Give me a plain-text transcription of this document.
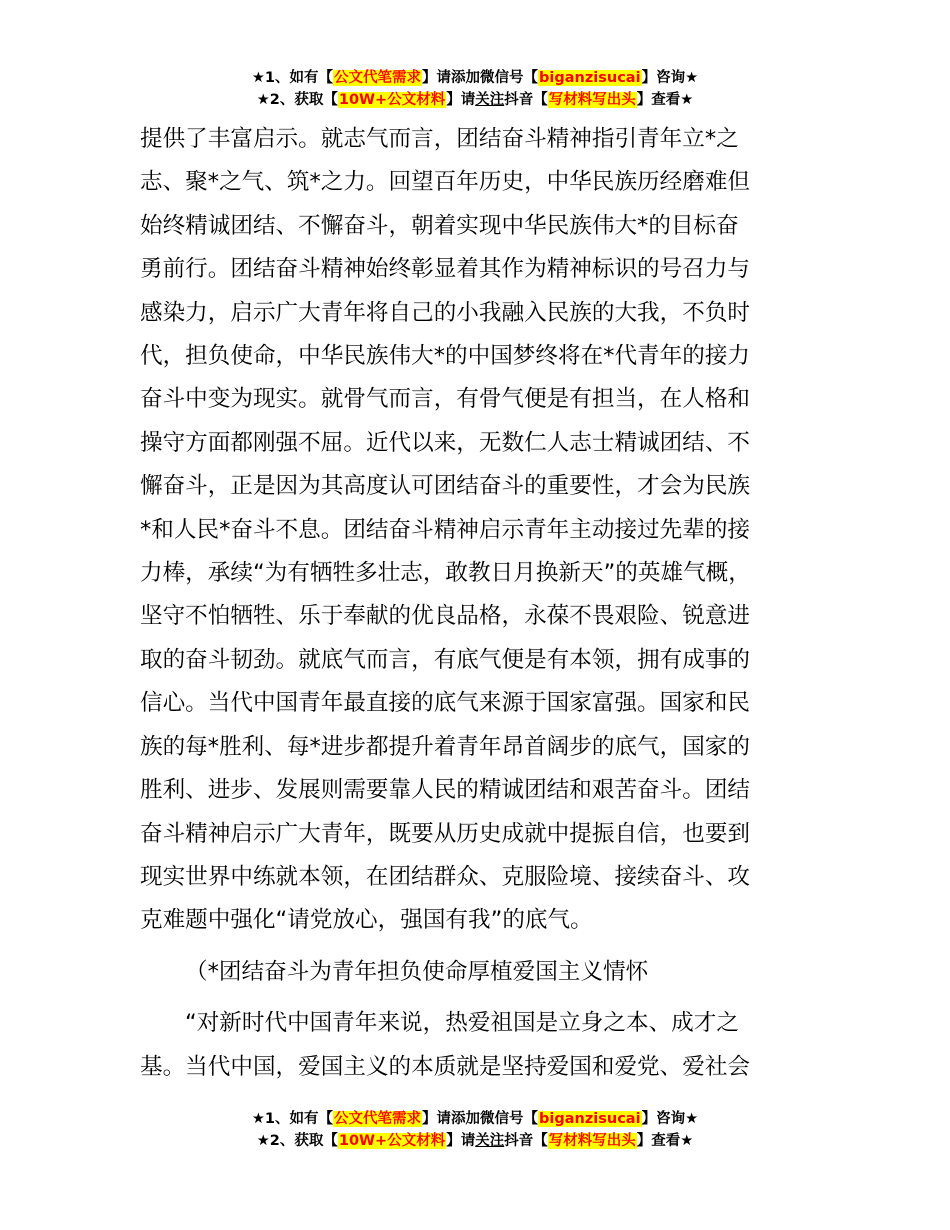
★1、如有【公文代笔需求】请添加微信号【biganzisucai】咨询★
★2、获取【10W+公文材料】请关注抖音【写材料写出头】查看★

提供了丰富启示。就志气而言，团结奋斗精神指引青年立*之

志、聚*之气、筑*之力。回望百年历史，中华民族历经磨难但

始终精诚团结、不懈奋斗，朝着实现中华民族伟大*的目标奋

勇前行。团结奋斗精神始终彰显着其作为精神标识的号召力与

感染力，启示广大青年将自己的小我融入民族的大我，不负时

代，担负使命，中华民族伟大*的中国梦终将在*代青年的接力

奋斗中变为现实。就骨气而言，有骨气便是有担当，在人格和

操守方面都刚强不屈。近代以来，无数仁人志士精诚团结、不

懈奋斗，正是因为其高度认可团结奋斗的重要性，才会为民族

*和人民*奋斗不息。团结奋斗精神启示青年主动接过先辈的接

力棒，承续“为有牺牲多壮志，敢教日月换新天”的英雄气概，

坚守不怕牺牲、乐于奉献的优良品格，永葆不畏艰险、锐意进

取的奋斗韧劲。就底气而言，有底气便是有本领，拥有成事的

信心。当代中国青年最直接的底气来源于国家富强。国家和民

族的每*胜利、每*进步都提升着青年昂首阔步的底气，国家的

胜利、进步、发展则需要靠人民的精诚团结和艰苦奋斗。团结

奋斗精神启示广大青年，既要从历史成就中提振自信，也要到

现实世界中练就本领，在团结群众、克服险境、接续奋斗、攻

克难题中强化“请党放心，强国有我”的底气。

（*团结奋斗为青年担负使命厚植爱国主义情怀

“对新时代中国青年来说，热爱祖国是立身之本、成才之

基。当代中国，爱国主义的本质就是坚持爱国和爱党、爱社会

★1、如有【公文代笔需求】请添加微信号【biganzisucai】咨询★
★2、获取【10W+公文材料】请关注抖音【写材料写出头】查看★
